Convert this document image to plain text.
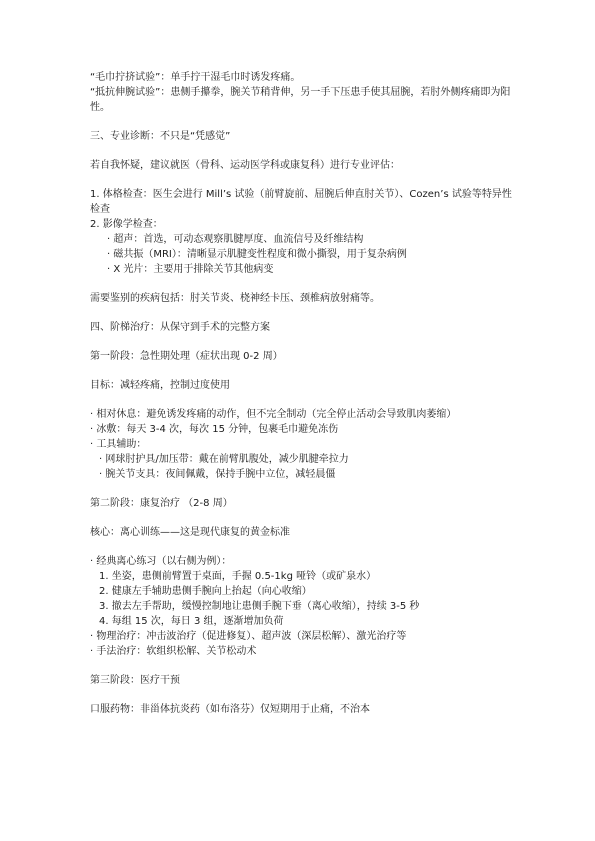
“毛巾拧挤试验”：单手拧干湿毛巾时诱发疼痛。

“抵抗伸腕试验”：患侧手攥拳，腕关节稍背伸，另一手下压患手使其屈腕，若肘外侧疼痛即为阳性。

三、专业诊断：不只是“凭感觉”

若自我怀疑，建议就医（骨科、运动医学科或康复科）进行专业评估：

1. 体格检查：医生会进行 Mill’s 试验（前臂旋前、屈腕后伸直肘关节）、Cozen’s 试验等特异性检查

2. 影像学检查：

· 超声：首选，可动态观察肌腱厚度、血流信号及纤维结构

· 磁共振（MRI）：清晰显示肌腱变性程度和微小撕裂，用于复杂病例

· X 光片：主要用于排除关节其他病变

需要鉴别的疾病包括：肘关节炎、桡神经卡压、颈椎病放射痛等。

四、阶梯治疗：从保守到手术的完整方案

第一阶段：急性期处理（症状出现 0-2 周）

目标：减轻疼痛，控制过度使用

· 相对休息：避免诱发疼痛的动作，但不完全制动（完全停止活动会导致肌肉萎缩）

· 冰敷：每天 3-4 次，每次 15 分钟，包裹毛巾避免冻伤

· 工具辅助：

· 网球肘护具/加压带：戴在前臂肌腹处，减少肌腱牵拉力

· 腕关节支具：夜间佩戴，保持手腕中立位，减轻晨僵

第二阶段：康复治疗 （2-8 周）

核心：离心训练——这是现代康复的黄金标准

· 经典离心练习（以右侧为例）：

1. 坐姿，患侧前臂置于桌面，手握 0.5-1kg 哑铃（或矿泉水）

2. 健康左手辅助患侧手腕向上抬起（向心收缩）

3. 撤去左手帮助，缓慢控制地让患侧手腕下垂（离心收缩），持续 3-5 秒

4. 每组 15 次，每日 3 组，逐渐增加负荷

· 物理治疗：冲击波治疗（促进修复）、超声波（深层松解）、激光治疗等

· 手法治疗：软组织松解、关节松动术

第三阶段：医疗干预

口服药物：非甾体抗炎药（如布洛芬）仅短期用于止痛，不治本
